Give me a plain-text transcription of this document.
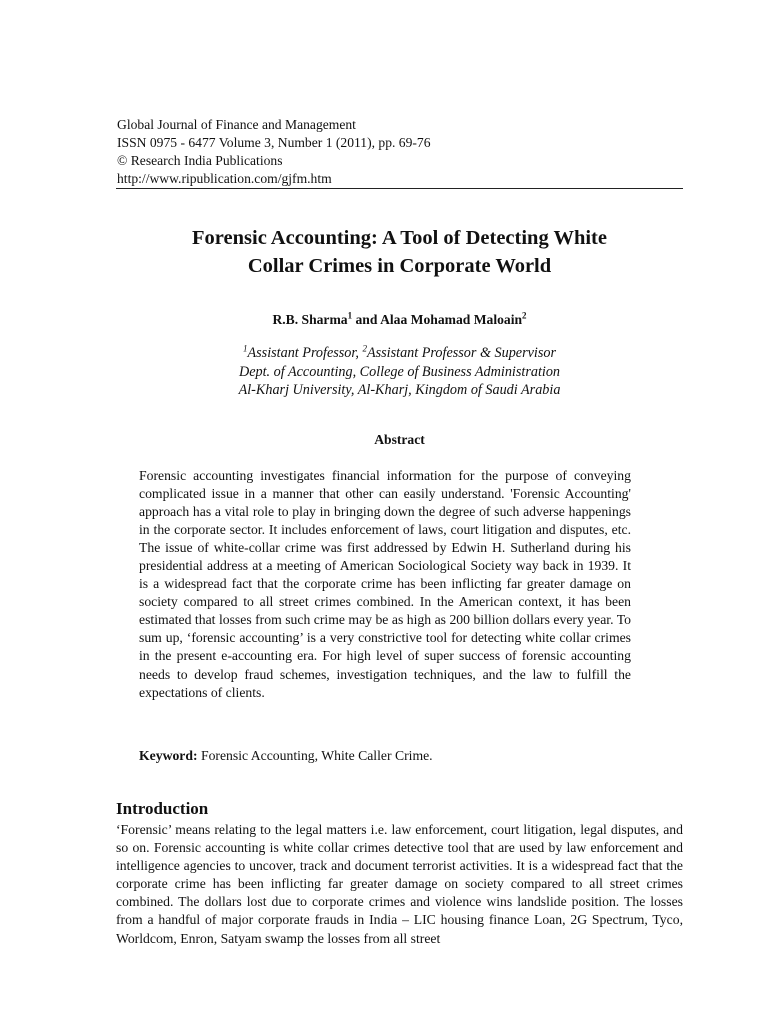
Global Journal of Finance and Management
ISSN 0975 - 6477 Volume 3, Number 1 (2011), pp. 69-76
© Research India Publications
http://www.ripublication.com/gjfm.htm
Forensic Accounting: A Tool of Detecting White
Collar Crimes in Corporate World
R.B. Sharma$^1$ and Alaa Mohamad Maloain$^2$
$^1$Assistant Professor, $^2$Assistant Professor & Supervisor
Dept. of Accounting, College of Business Administration
Al-Kharj University, Al-Kharj, Kingdom of Saudi Arabia
Abstract

Forensic accounting investigates financial information for the purpose of conveying complicated issue in a manner that other can easily understand. 'Forensic Accounting' approach has a vital role to play in bringing down the degree of such adverse happenings in the corporate sector. It includes enforcement of laws, court litigation and disputes, etc. The issue of white-collar crime was first addressed by Edwin H. Sutherland during his presidential address at a meeting of American Sociological Society way back in 1939. It is a widespread fact that the corporate crime has been inflicting far greater damage on society compared to all street crimes combined. In the American context, it has been estimated that losses from such crime may be as high as 200 billion dollars every year. To sum up, ‘forensic accounting’ is a very constrictive tool for detecting white collar crimes in the present e-accounting era. For high level of super success of forensic accounting needs to develop fraud schemes, investigation techniques, and the law to fulfill the expectations of clients.

Keyword: Forensic Accounting, White Caller Crime.
Introduction

‘Forensic’ means relating to the legal matters i.e. law enforcement, court litigation, legal disputes, and so on. Forensic accounting is white collar crimes detective tool that are used by law enforcement and intelligence agencies to uncover, track and document terrorist activities. It is a widespread fact that the corporate crime has been inflicting far greater damage on society compared to all street crimes combined. The dollars lost due to corporate crimes and violence wins landslide position. The losses from a handful of major corporate frauds in India – LIC housing finance Loan, 2G Spectrum, Tyco, Worldcom, Enron, Satyam swamp the losses from all street
